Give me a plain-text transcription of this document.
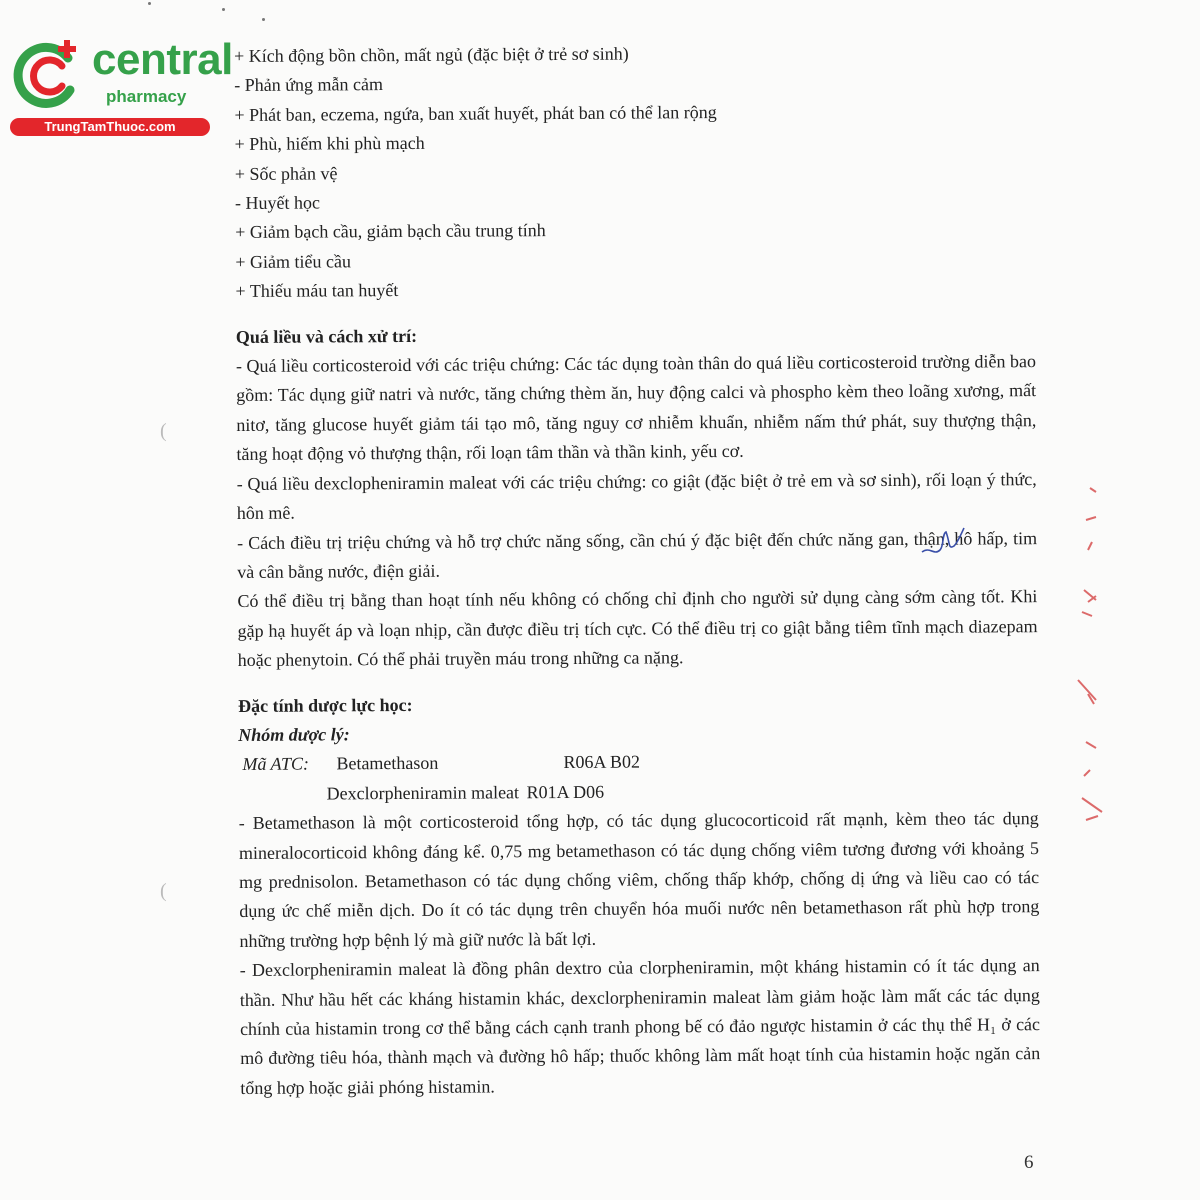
central
pharmacy
TrungTamThuoc.com

+ Kích động bồn chồn, mất ngủ (đặc biệt ở trẻ sơ sinh)

- Phản ứng mẫn cảm

+ Phát ban, eczema, ngứa, ban xuất huyết, phát ban có thể lan rộng

+ Phù, hiếm khi phù mạch

+ Sốc phản vệ

- Huyết học

+ Giảm bạch cầu, giảm bạch cầu trung tính

+ Giảm tiểu cầu

+ Thiếu máu tan huyết

Quá liều và cách xử trí:

- Quá liều corticosteroid với các triệu chứng: Các tác dụng toàn thân do quá liều corticosteroid trường diễn bao gồm: Tác dụng giữ natri và nước, tăng chứng thèm ăn, huy động calci và phospho kèm theo loãng xương, mất nitơ, tăng glucose huyết giảm tái tạo mô, tăng nguy cơ nhiễm khuẩn, nhiễm nấm thứ phát, suy thượng thận, tăng hoạt động vỏ thượng thận, rối loạn tâm thần và thần kinh, yếu cơ.

- Quá liều dexclopheniramin maleat với các triệu chứng: co giật (đặc biệt ở trẻ em và sơ sinh), rối loạn ý thức, hôn mê.

- Cách điều trị triệu chứng và hỗ trợ chức năng sống, cần chú ý đặc biệt đến chức năng gan, thận, hô hấp, tim và cân bằng nước, điện giải.

Có thể điều trị bằng than hoạt tính nếu không có chống chỉ định cho người sử dụng càng sớm càng tốt. Khi gặp hạ huyết áp và loạn nhịp, cần được điều trị tích cực. Có thể điều trị co giật bằng tiêm tĩnh mạch diazepam hoặc phenytoin. Có thể phải truyền máu trong những ca nặng.

Đặc tính dược lực học:

Nhóm dược lý:

Mã ATC: Betamethason	R06A B02
Dexclorpheniramin maleat R01A D06

- Betamethason là một corticosteroid tổng hợp, có tác dụng glucocorticoid rất mạnh, kèm theo tác dụng mineralocorticoid không đáng kể. 0,75 mg betamethason có tác dụng chống viêm tương đương với khoảng 5 mg prednisolon. Betamethason có tác dụng chống viêm, chống thấp khớp, chống dị ứng và liều cao có tác dụng ức chế miễn dịch. Do ít có tác dụng trên chuyển hóa muối nước nên betamethason rất phù hợp trong những trường hợp bệnh lý mà giữ nước là bất lợi.

- Dexclorpheniramin maleat là đồng phân dextro của clorpheniramin, một kháng histamin có ít tác dụng an thần. Như hầu hết các kháng histamin khác, dexclorpheniramin maleat làm giảm hoặc làm mất các tác dụng chính của histamin trong cơ thể bằng cách cạnh tranh phong bế có đảo ngược histamin ở các thụ thể H₁ ở các mô đường tiêu hóa, thành mạch và đường hô hấp; thuốc không làm mất hoạt tính của histamin hoặc ngăn cản tổng hợp hoặc giải phóng histamin.

(
(
6
